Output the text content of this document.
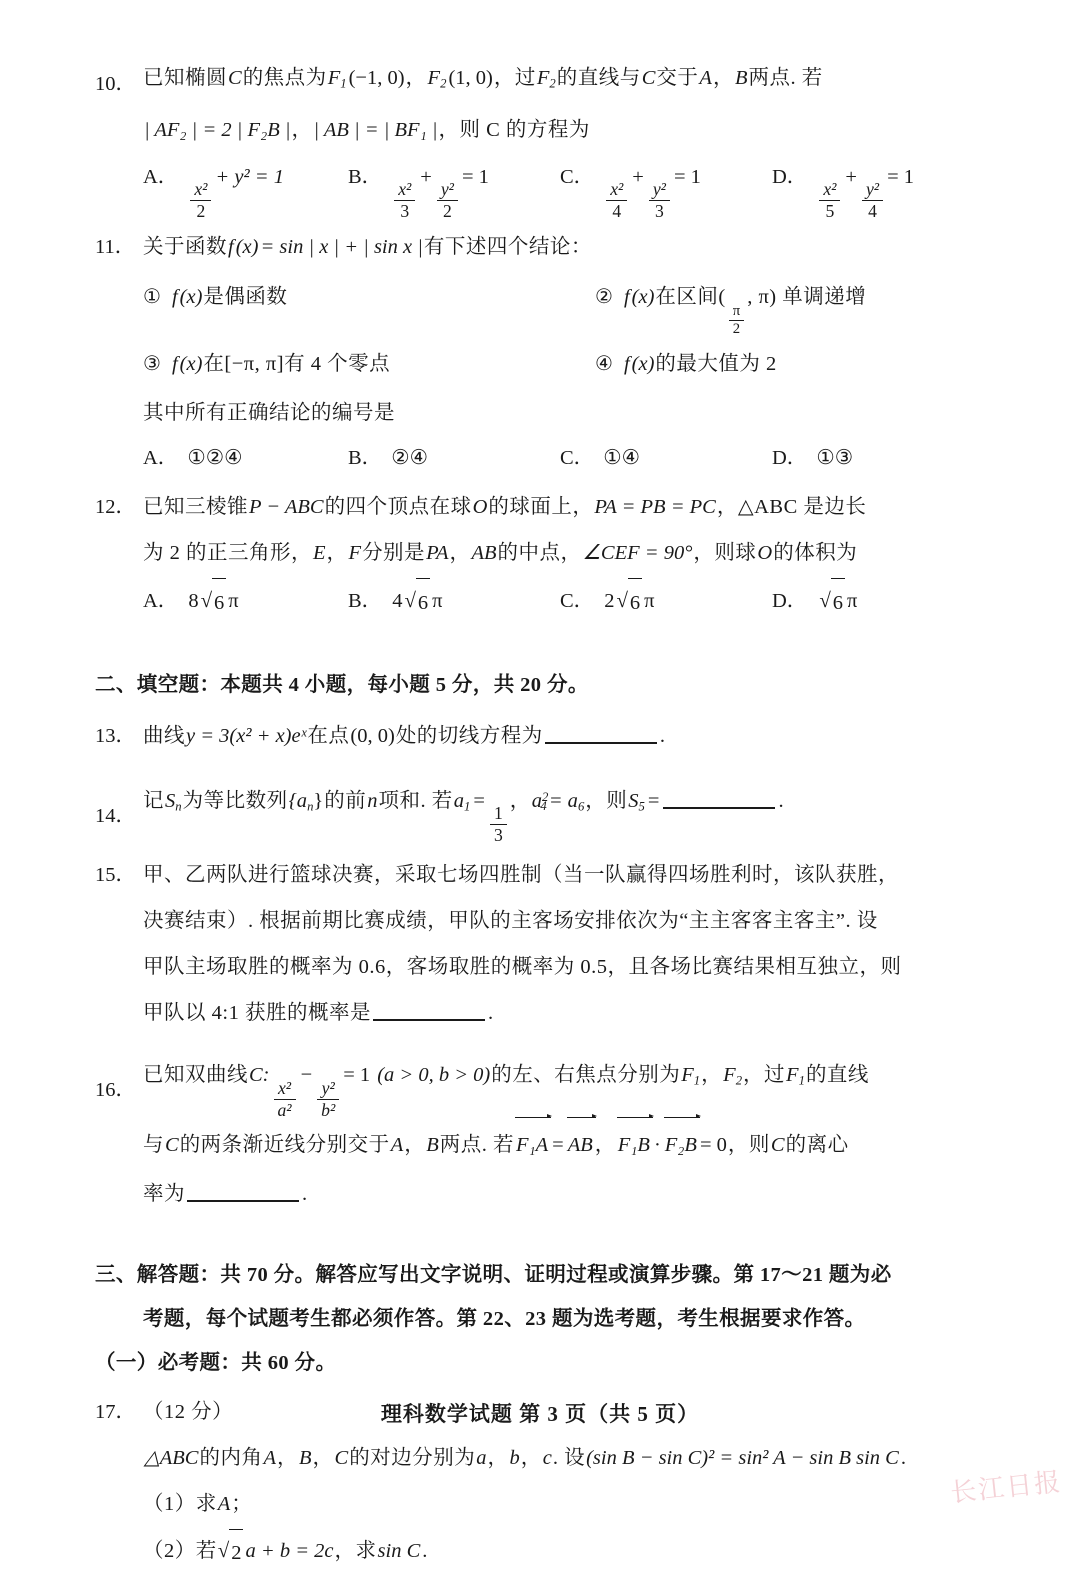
10． 已知椭圆C的焦点为$F_1(-1$, 0)，$F_2(1$, 0)，过$F_2$的直线与C交于A，B两点. 若
| AF₂ | = 2 | F₂B |，| AB | = | BF₁ |，则 C 的方程为
A．
$\frac{\text{x²}}{2}$
+ y² = 1	B．
$\frac{\text{x²}}{3}$
+
$\frac{\text{y²}}{2}$
= 1	C．
$\frac{\text{x²}}{4}$
+
$\frac{\text{y²}}{3}$
= 1	D．
$\frac{\text{x²}}{5}$
+
$\frac{\text{y²}}{4}$
= 1
11． 关于函数f(x)= sin | x | + | sin x |有下述四个结论：
① f(x)是偶函数	② f(x)在区间(
$\frac{\pi}{2}$
, π) 单调递增
③ f(x)在[−π, π]有 4 个零点	④ f(x)的最大值为 2
其中所有正确结论的编号是
A． ①②④	B． ②④	C． ①④	D． ①③
12． 已知三棱锥P − ABC的四个顶点在球O的球面上，PA = PB = PC，△ABC 是边长
为 2 的正三角形，E，F分别是PA，AB的中点，∠CEF = 90°，则球O的体积为
A． 8 √ 6 π	B． 4 √ 6 π	C． 2 √ 6 π	D． √ 6 π
二、填空题：本题共 4 小题，每小题 5 分，共 20 分。
13． 曲线y = 3(x² + x)eˣ在点(0, 0)处的切线方程为	.
14．
记$S_n$为等比数列$\{a_n\}$的前n项和. 若$a_1$ =
$\frac{1}{3}$
，$a^2_4= a_6$，则$S_5$ =	.
15． 甲、乙两队进行篮球决赛，采取七场四胜制（当一队赢得四场胜利时，该队获胜，
决赛结束）. 根据前期比赛成绩，甲队的主客场安排依次为“主主客客主客主”. 设
甲队主场取胜的概率为 0.6，客场取胜的概率为 0.5，且各场比赛结果相互独立，则
甲队以 4:1 获胜的概率是	.
16．
已知双曲线C:
$\frac{\text{x²}}{\text{a²}}$
−
$\frac{\text{y²}}{\text{b²}}$
= 1 (a > 0, b > 0)的左、右焦点分别为$F_1$，$F_2$，过$F_1$的直线
与C的两条渐近线分别交于A，B两点. 若
F₁A = AB，
F₁B · F₂B = 0，则C的离心
率为	.
三、解答题：共 70 分。解答应写出文字说明、证明过程或演算步骤。第 17～21 题为必
考题，每个试题考生都必须作答。第 22、23 题为选考题，考生根据要求作答。
（一）必考题：共 60 分。
17． （12 分）
△ABC的内角A，B，C的对边分别为a，b，c. 设(sin B − sin C)² = sin² A − sin B sin C.
（1）求A；
（2）若 √ 2 a + b = 2c，求sin C.
理科数学试题 第 3 页（共 5 页）
长江日报
